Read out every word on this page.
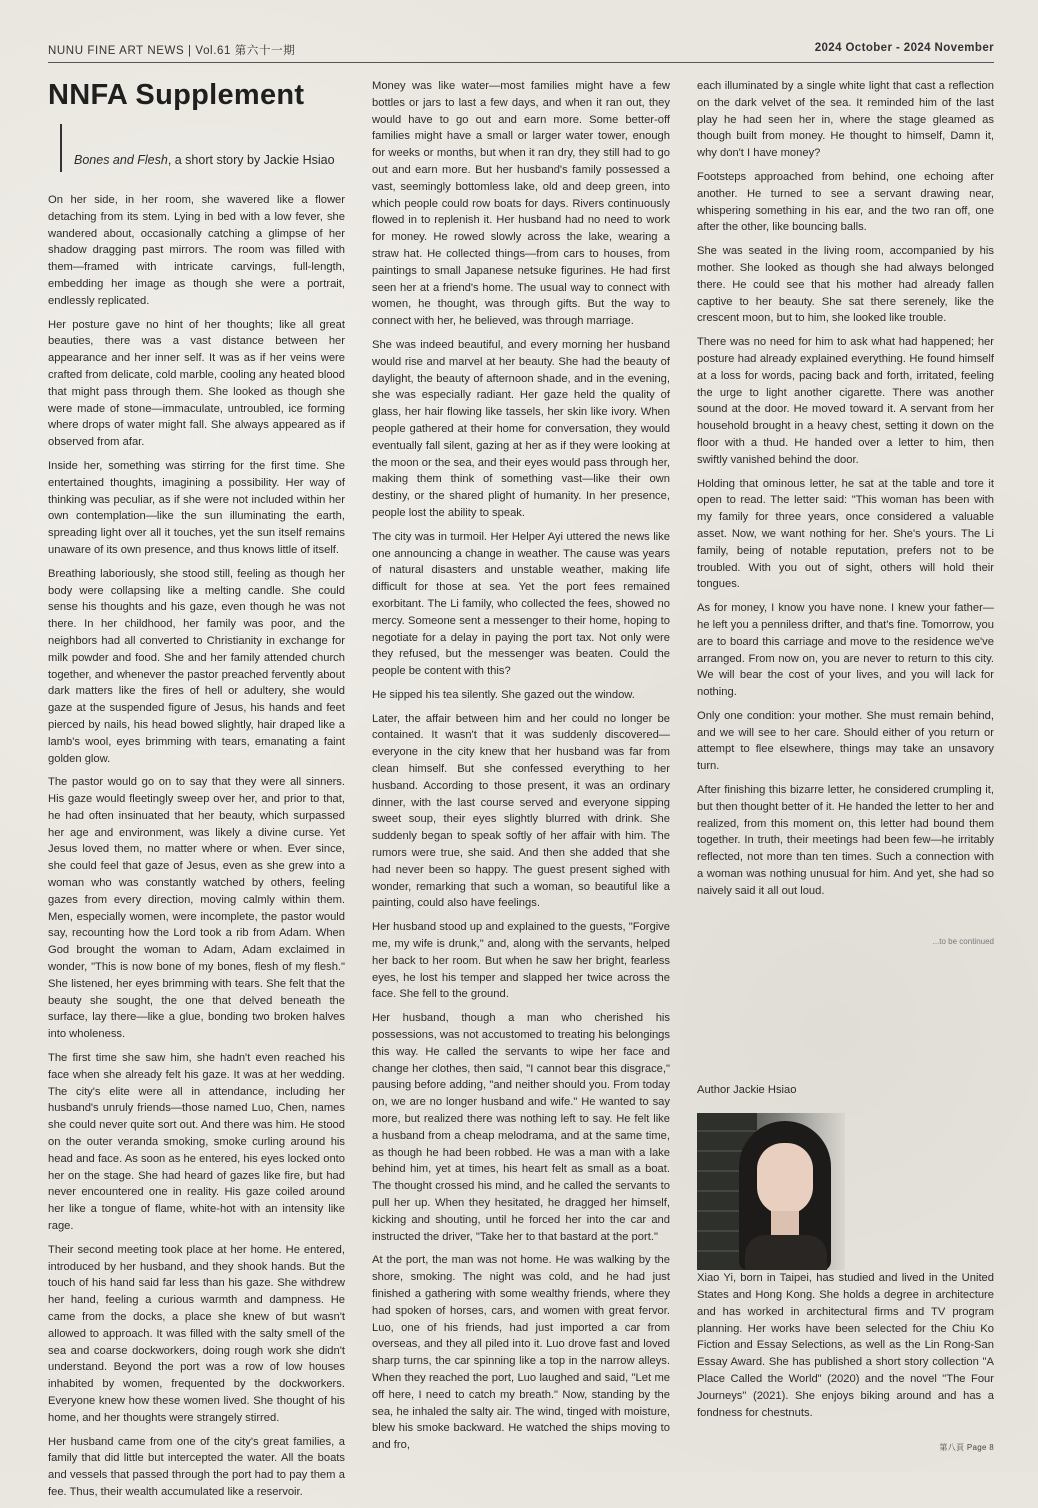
NUNU FINE ART NEWS | Vol.61 第六十一期	2024 October - 2024 November
NNFA Supplement
Bones and Flesh, a short story by Jackie Hsiao

On her side, in her room, she wavered like a flower detaching from its stem. Lying in bed with a low fever, she wandered about, occasionally catching a glimpse of her shadow dragging past mirrors. The room was filled with them—framed with intricate carvings, full-length, embedding her image as though she were a portrait, endlessly replicated.

Her posture gave no hint of her thoughts; like all great beauties, there was a vast distance between her appearance and her inner self. It was as if her veins were crafted from delicate, cold marble, cooling any heated blood that might pass through them. She looked as though she were made of stone—immaculate, untroubled, ice forming where drops of water might fall. She always appeared as if observed from afar.

Inside her, something was stirring for the first time. She entertained thoughts, imagining a possibility. Her way of thinking was peculiar, as if she were not included within her own contemplation—like the sun illuminating the earth, spreading light over all it touches, yet the sun itself remains unaware of its own presence, and thus knows little of itself.

Breathing laboriously, she stood still, feeling as though her body were collapsing like a melting candle. She could sense his thoughts and his gaze, even though he was not there. In her childhood, her family was poor, and the neighbors had all converted to Christianity in exchange for milk powder and food. She and her family attended church together, and whenever the pastor preached fervently about dark matters like the fires of hell or adultery, she would gaze at the suspended figure of Jesus, his hands and feet pierced by nails, his head bowed slightly, hair draped like a lamb's wool, eyes brimming with tears, emanating a faint golden glow.

The pastor would go on to say that they were all sinners. His gaze would fleetingly sweep over her, and prior to that, he had often insinuated that her beauty, which surpassed her age and environment, was likely a divine curse. Yet Jesus loved them, no matter where or when. Ever since, she could feel that gaze of Jesus, even as she grew into a woman who was constantly watched by others, feeling gazes from every direction, moving calmly within them. Men, especially women, were incomplete, the pastor would say, recounting how the Lord took a rib from Adam. When God brought the woman to Adam, Adam exclaimed in wonder, "This is now bone of my bones, flesh of my flesh." She listened, her eyes brimming with tears. She felt that the beauty she sought, the one that delved beneath the surface, lay there—like a glue, bonding two broken halves into wholeness.

The first time she saw him, she hadn't even reached his face when she already felt his gaze. It was at her wedding. The city's elite were all in attendance, including her husband's unruly friends—those named Luo, Chen, names she could never quite sort out. And there was him. He stood on the outer veranda smoking, smoke curling around his head and face. As soon as he entered, his eyes locked onto her on the stage. She had heard of gazes like fire, but had never encountered one in reality. His gaze coiled around her like a tongue of flame, white-hot with an intensity like rage.

Their second meeting took place at her home. He entered, introduced by her husband, and they shook hands. But the touch of his hand said far less than his gaze. She withdrew her hand, feeling a curious warmth and dampness. He came from the docks, a place she knew of but wasn't allowed to approach. It was filled with the salty smell of the sea and coarse dockworkers, doing rough work she didn't understand. Beyond the port was a row of low houses inhabited by women, frequented by the dockworkers. Everyone knew how these women lived. She thought of his home, and her thoughts were strangely stirred.

Her husband came from one of the city's great families, a family that did little but intercepted the water. All the boats and vessels that passed through the port had to pay them a fee. Thus, their wealth accumulated like a reservoir.

Money was like water—most families might have a few bottles or jars to last a few days, and when it ran out, they would have to go out and earn more. Some better-off families might have a small or larger water tower, enough for weeks or months, but when it ran dry, they still had to go out and earn more. But her husband's family possessed a vast, seemingly bottomless lake, old and deep green, into which people could row boats for days. Rivers continuously flowed in to replenish it. Her husband had no need to work for money. He rowed slowly across the lake, wearing a straw hat. He collected things—from cars to houses, from paintings to small Japanese netsuke figurines. He had first seen her at a friend's home. The usual way to connect with women, he thought, was through gifts. But the way to connect with her, he believed, was through marriage.

She was indeed beautiful, and every morning her husband would rise and marvel at her beauty. She had the beauty of daylight, the beauty of afternoon shade, and in the evening, she was especially radiant. Her gaze held the quality of glass, her hair flowing like tassels, her skin like ivory. When people gathered at their home for conversation, they would eventually fall silent, gazing at her as if they were looking at the moon or the sea, and their eyes would pass through her, making them think of something vast—like their own destiny, or the shared plight of humanity. In her presence, people lost the ability to speak.

The city was in turmoil. Her Helper Ayi uttered the news like one announcing a change in weather. The cause was years of natural disasters and unstable weather, making life difficult for those at sea. Yet the port fees remained exorbitant. The Li family, who collected the fees, showed no mercy. Someone sent a messenger to their home, hoping to negotiate for a delay in paying the port tax. Not only were they refused, but the messenger was beaten. Could the people be content with this?

He sipped his tea silently. She gazed out the window.

Later, the affair between him and her could no longer be contained. It wasn't that it was suddenly discovered—everyone in the city knew that her husband was far from clean himself. But she confessed everything to her husband. According to those present, it was an ordinary dinner, with the last course served and everyone sipping sweet soup, their eyes slightly blurred with drink. She suddenly began to speak softly of her affair with him. The rumors were true, she said. And then she added that she had never been so happy. The guest present sighed with wonder, remarking that such a woman, so beautiful like a painting, could also have feelings.

Her husband stood up and explained to the guests, "Forgive me, my wife is drunk," and, along with the servants, helped her back to her room. But when he saw her bright, fearless eyes, he lost his temper and slapped her twice across the face. She fell to the ground.

Her husband, though a man who cherished his possessions, was not accustomed to treating his belongings this way. He called the servants to wipe her face and change her clothes, then said, "I cannot bear this disgrace," pausing before adding, "and neither should you. From today on, we are no longer husband and wife." He wanted to say more, but realized there was nothing left to say. He felt like a husband from a cheap melodrama, and at the same time, as though he had been robbed. He was a man with a lake behind him, yet at times, his heart felt as small as a boat. The thought crossed his mind, and he called the servants to pull her up. When they hesitated, he dragged her himself, kicking and shouting, until he forced her into the car and instructed the driver, "Take her to that bastard at the port."

At the port, the man was not home. He was walking by the shore, smoking. The night was cold, and he had just finished a gathering with some wealthy friends, where they had spoken of horses, cars, and women with great fervor. Luo, one of his friends, had just imported a car from overseas, and they all piled into it. Luo drove fast and loved sharp turns, the car spinning like a top in the narrow alleys. When they reached the port, Luo laughed and said, "Let me off here, I need to catch my breath." Now, standing by the sea, he inhaled the salty air. The wind, tinged with moisture, blew his smoke backward. He watched the ships moving to and fro,

each illuminated by a single white light that cast a reflection on the dark velvet of the sea. It reminded him of the last play he had seen her in, where the stage gleamed as though built from money. He thought to himself, Damn it, why don't I have money?

Footsteps approached from behind, one echoing after another. He turned to see a servant drawing near, whispering something in his ear, and the two ran off, one after the other, like bouncing balls.

She was seated in the living room, accompanied by his mother. She looked as though she had always belonged there. He could see that his mother had already fallen captive to her beauty. She sat there serenely, like the crescent moon, but to him, she looked like trouble.

There was no need for him to ask what had happened; her posture had already explained everything. He found himself at a loss for words, pacing back and forth, irritated, feeling the urge to light another cigarette. There was another sound at the door. He moved toward it. A servant from her household brought in a heavy chest, setting it down on the floor with a thud. He handed over a letter to him, then swiftly vanished behind the door.

Holding that ominous letter, he sat at the table and tore it open to read. The letter said: "This woman has been with my family for three years, once considered a valuable asset. Now, we want nothing for her. She's yours. The Li family, being of notable reputation, prefers not to be troubled. With you out of sight, others will hold their tongues.

As for money, I know you have none. I knew your father—he left you a penniless drifter, and that's fine. Tomorrow, you are to board this carriage and move to the residence we've arranged. From now on, you are never to return to this city. We will bear the cost of your lives, and you will lack for nothing.

Only one condition: your mother. She must remain behind, and we will see to her care. Should either of you return or attempt to flee elsewhere, things may take an unsavory turn.

After finishing this bizarre letter, he considered crumpling it, but then thought better of it. He handed the letter to her and realized, from this moment on, this letter had bound them together. In truth, their meetings had been few—he irritably reflected, not more than ten times. Such a connection with a woman was nothing unusual for him. And yet, she had so naively said it all out loud.

...to be continued
Author Jackie Hsiao

Xiao Yi, born in Taipei, has studied and lived in the United States and Hong Kong. She holds a degree in architecture and has worked in architectural firms and TV program planning. Her works have been selected for the Chiu Ko Fiction and Essay Selections, as well as the Lin Rong-San Essay Award. She has published a short story collection "A Place Called the World" (2020) and the novel "The Four Journeys" (2021). She enjoys biking around and has a fondness for chestnuts.

第八頁 Page 8
